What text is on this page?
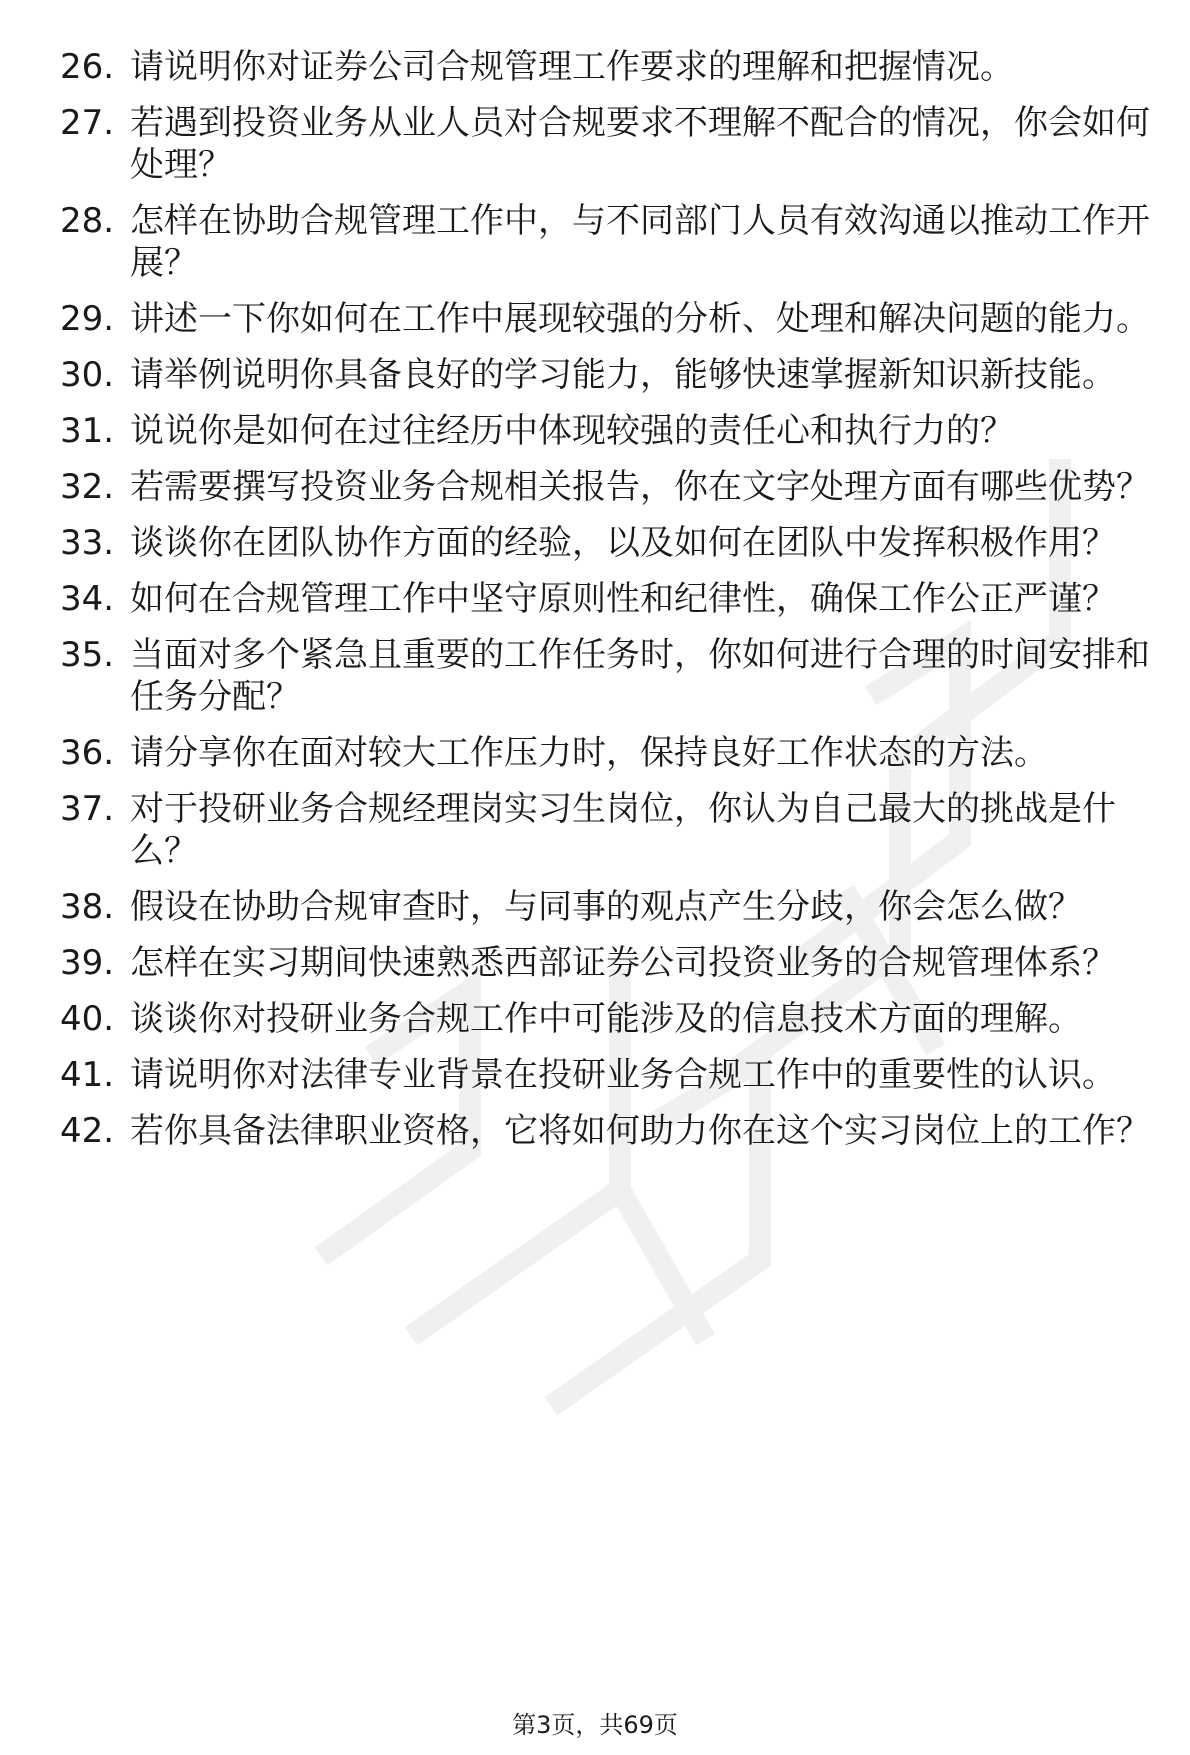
26. 请说明你对证券公司合规管理工作要求的理解和把握情况。
27. 若遇到投资业务从业人员对合规要求不理解不配合的情况，你会如何处理？
28. 怎样在协助合规管理工作中，与不同部门人员有效沟通以推动工作开展？
29. 讲述一下你如何在工作中展现较强的分析、处理和解决问题的能力。
30. 请举例说明你具备良好的学习能力，能够快速掌握新知识新技能。
31. 说说你是如何在过往经历中体现较强的责任心和执行力的？
32. 若需要撰写投资业务合规相关报告，你在文字处理方面有哪些优势？
33. 谈谈你在团队协作方面的经验，以及如何在团队中发挥积极作用？
34. 如何在合规管理工作中坚守原则性和纪律性，确保工作公正严谨？
35. 当面对多个紧急且重要的工作任务时，你如何进行合理的时间安排和任务分配？
36. 请分享你在面对较大工作压力时，保持良好工作状态的方法。
37. 对于投研业务合规经理岗实习生岗位，你认为自己最大的挑战是什么？
38. 假设在协助合规审查时，与同事的观点产生分歧，你会怎么做？
39. 怎样在实习期间快速熟悉西部证券公司投资业务的合规管理体系？
40. 谈谈你对投研业务合规工作中可能涉及的信息技术方面的理解。
41. 请说明你对法律专业背景在投研业务合规工作中的重要性的认识。
42. 若你具备法律职业资格，它将如何助力你在这个实习岗位上的工作？
第3页，共69页
